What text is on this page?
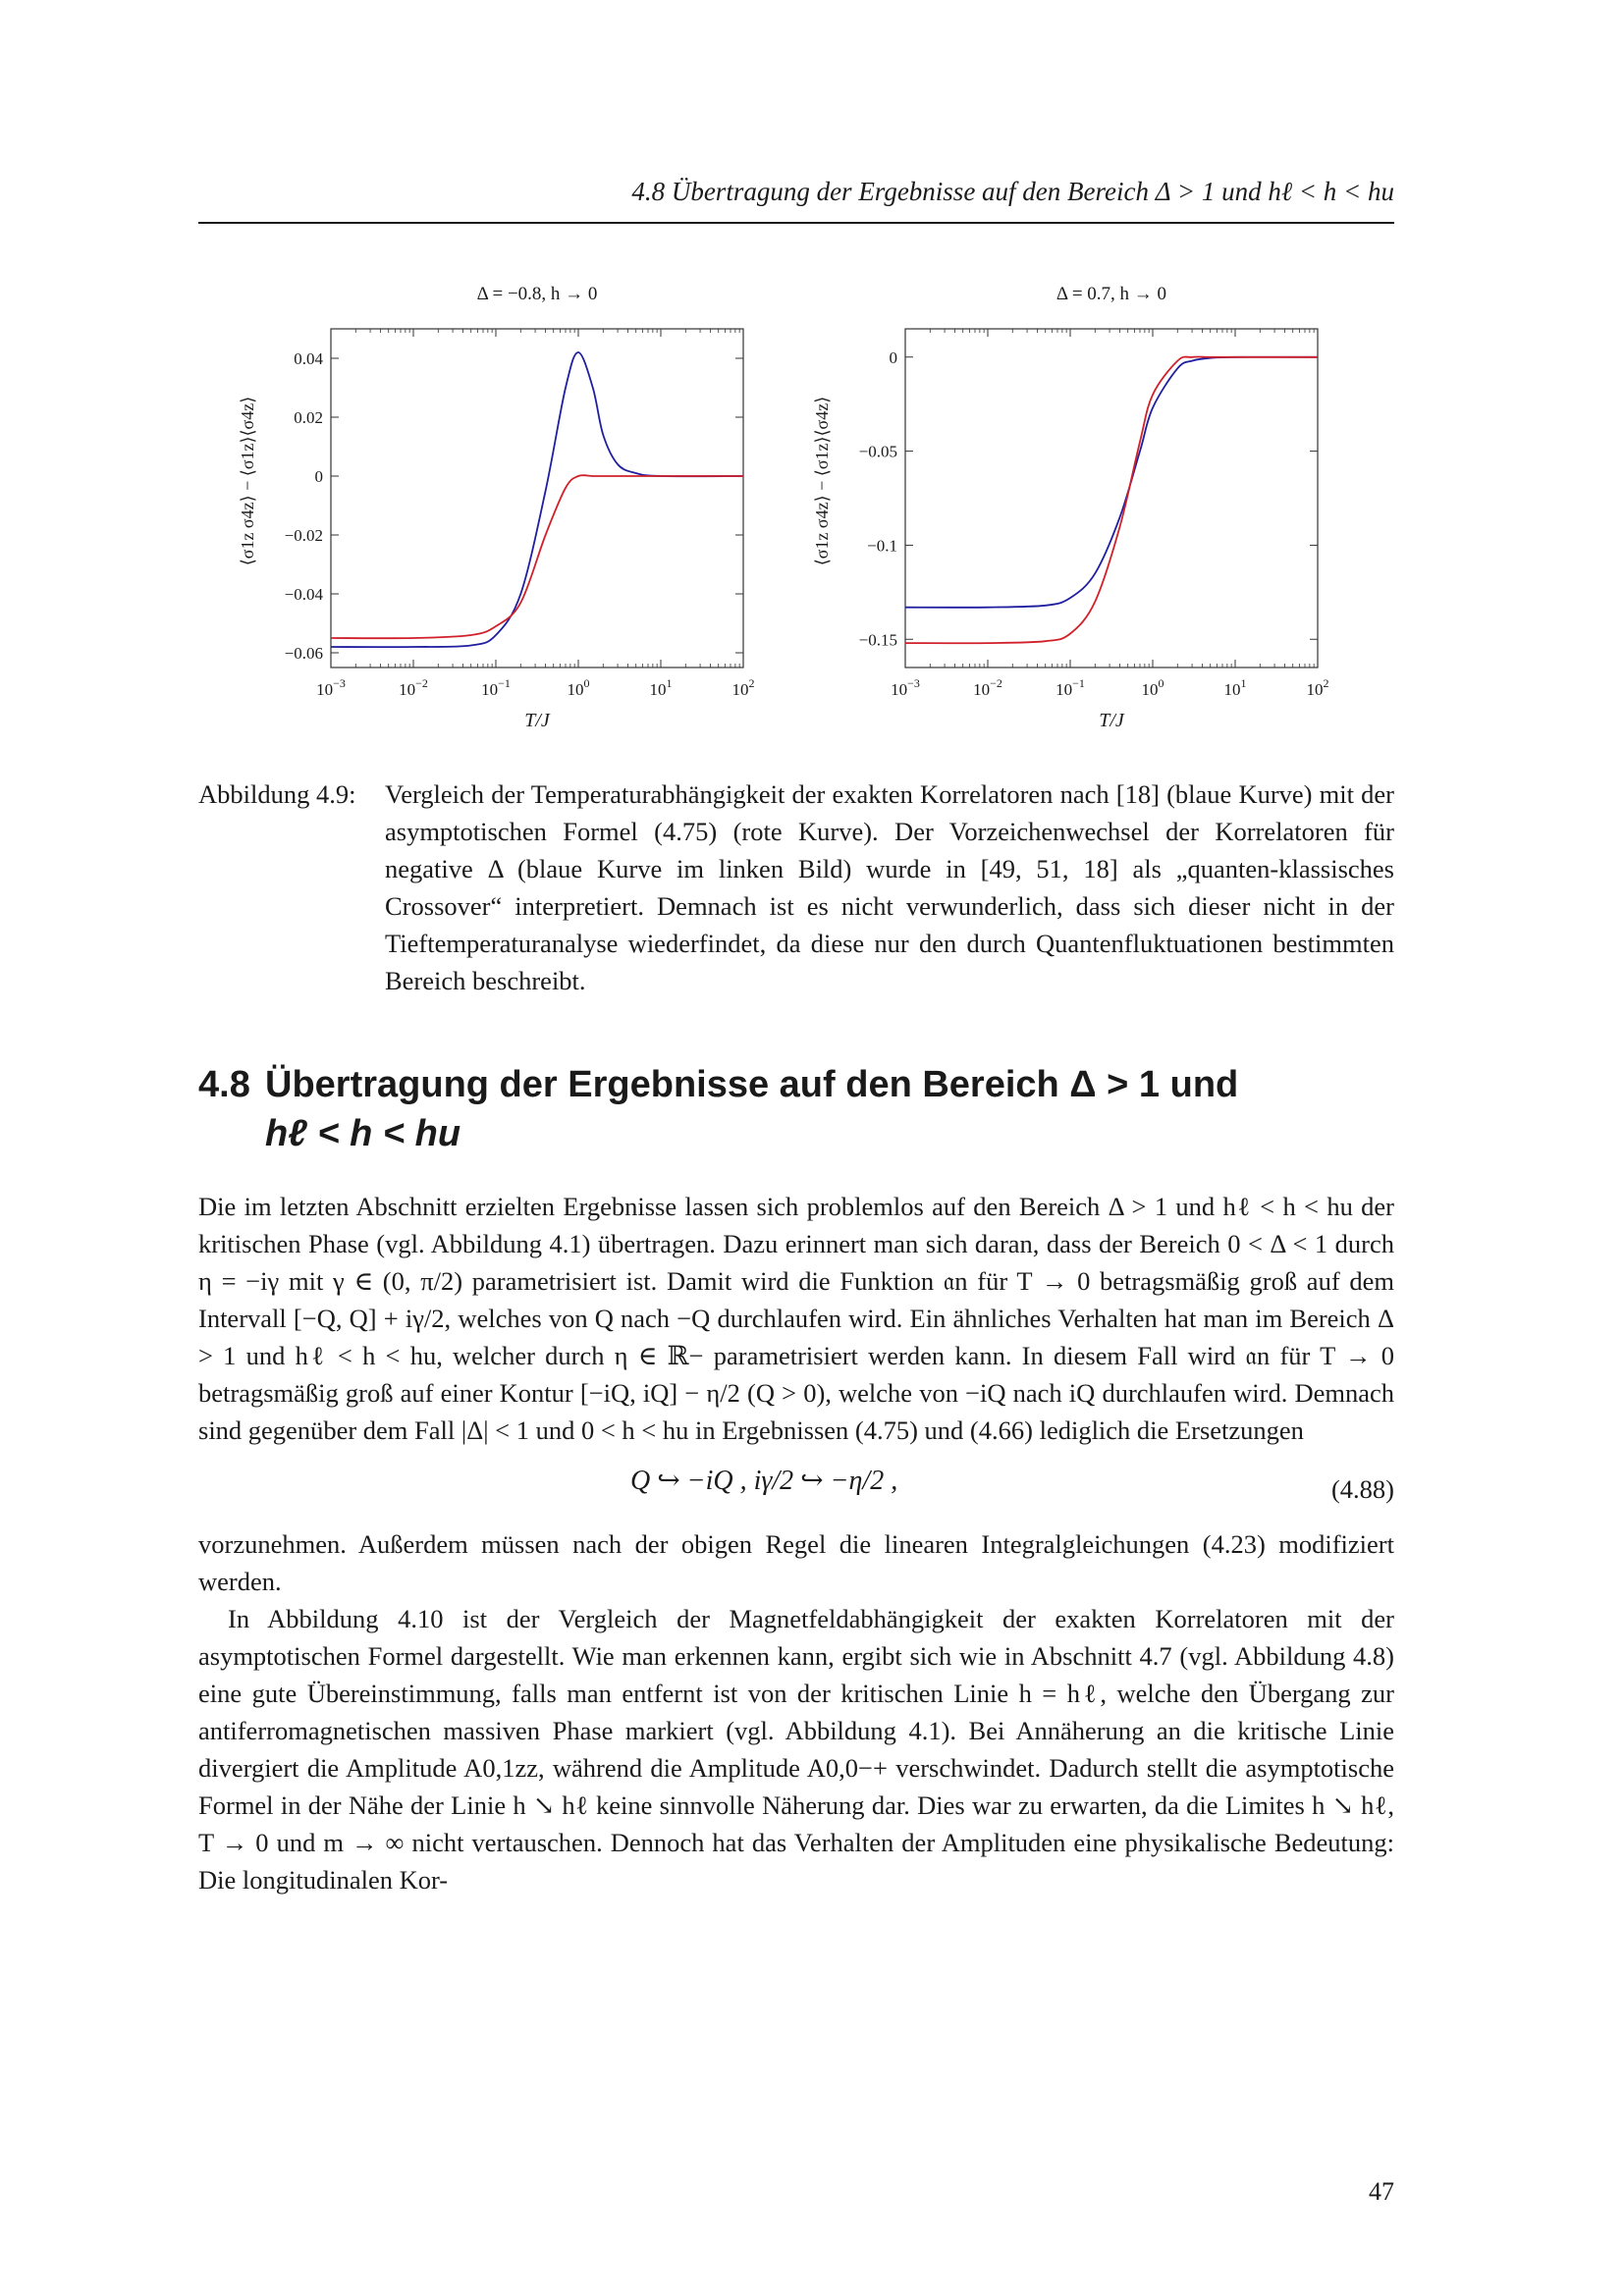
4.8 Übertragung der Ergebnisse auf den Bereich Δ > 1 und hℓ < h < hu
Δ = −0.8, h → 0
0.04
0.02
0
−0.02
−0.04
−0.06
$10^{-3}$	$10^{-2}$	$10^{-1}$	$10^0$	$10^1$	$10^2$
T/J
⟨σ1z σ4z⟩ − ⟨σ1z⟩⟨σ4z⟩
Δ = 0.7, h → 0
0
−0.05
−0.1
−0.15
$10^{-3}$	$10^{-2}$	$10^{-1}$	$10^0$	$10^1$	$10^2$
T/J
⟨σ1z σ4z⟩ − ⟨σ1z⟩⟨σ4z⟩
Abbildung 4.9: Vergleich der Temperaturabhängigkeit der exakten Korrelatoren nach [18] (blaue Kurve) mit der asymptotischen Formel (4.75) (rote Kurve). Der Vorzeichenwechsel der Korrelatoren für negative Δ (blaue Kurve im linken Bild) wurde in [49, 51, 18] als „quanten-klassisches Crossover“ interpretiert. Demnach ist es nicht verwunderlich, dass sich dieser nicht in der Tieftemperaturanalyse wiederfindet, da diese nur den durch Quantenfluktuationen bestimmten Bereich beschreibt.
4.8 Übertragung der Ergebnisse auf den Bereich Δ > 1 und
hℓ < h < hu

Die im letzten Abschnitt erzielten Ergebnisse lassen sich problemlos auf den Bereich Δ > 1 und hℓ < h < hu der kritischen Phase (vgl. Abbildung 4.1) übertragen. Dazu erinnert man sich daran, dass der Bereich 0 < Δ < 1 durch η = −iγ mit γ ∈ (0, π/2) parametrisiert ist. Damit wird die Funktion 𝔞n für T → 0 betragsmäßig groß auf dem Intervall [−Q, Q] + iγ/2, welches von Q nach −Q durchlaufen wird. Ein ähnliches Verhalten hat man im Bereich Δ > 1 und hℓ < h < hu, welcher durch η ∈ ℝ− parametrisiert werden kann. In diesem Fall wird 𝔞n für T → 0 betragsmäßig groß auf einer Kontur [−iQ, iQ] − η/2 (Q > 0), welche von −iQ nach iQ durchlaufen wird. Demnach sind gegenüber dem Fall |Δ| < 1 und 0 < h < hu in Ergebnissen (4.75) und (4.66) lediglich die Ersetzungen

Q ↪ −iQ , iγ/2 ↪ −η/2 ,	(4.88)

vorzunehmen. Außerdem müssen nach der obigen Regel die linearen Integralgleichungen (4.23) modifiziert werden.

In Abbildung 4.10 ist der Vergleich der Magnetfeldabhängigkeit der exakten Korrelatoren mit der asymptotischen Formel dargestellt. Wie man erkennen kann, ergibt sich wie in Abschnitt 4.7 (vgl. Abbildung 4.8) eine gute Übereinstimmung, falls man entfernt ist von der kritischen Linie h = hℓ, welche den Übergang zur antiferromagnetischen massiven Phase markiert (vgl. Abbildung 4.1). Bei Annäherung an die kritische Linie divergiert die Amplitude A0,1zz, während die Amplitude A0,0−+ verschwindet. Dadurch stellt die asymptotische Formel in der Nähe der Linie h ↘ hℓ keine sinnvolle Näherung dar. Dies war zu erwarten, da die Limites h ↘ hℓ, T → 0 und m → ∞ nicht vertauschen. Dennoch hat das Verhalten der Amplituden eine physikalische Bedeutung: Die longitudinalen Kor-

47
